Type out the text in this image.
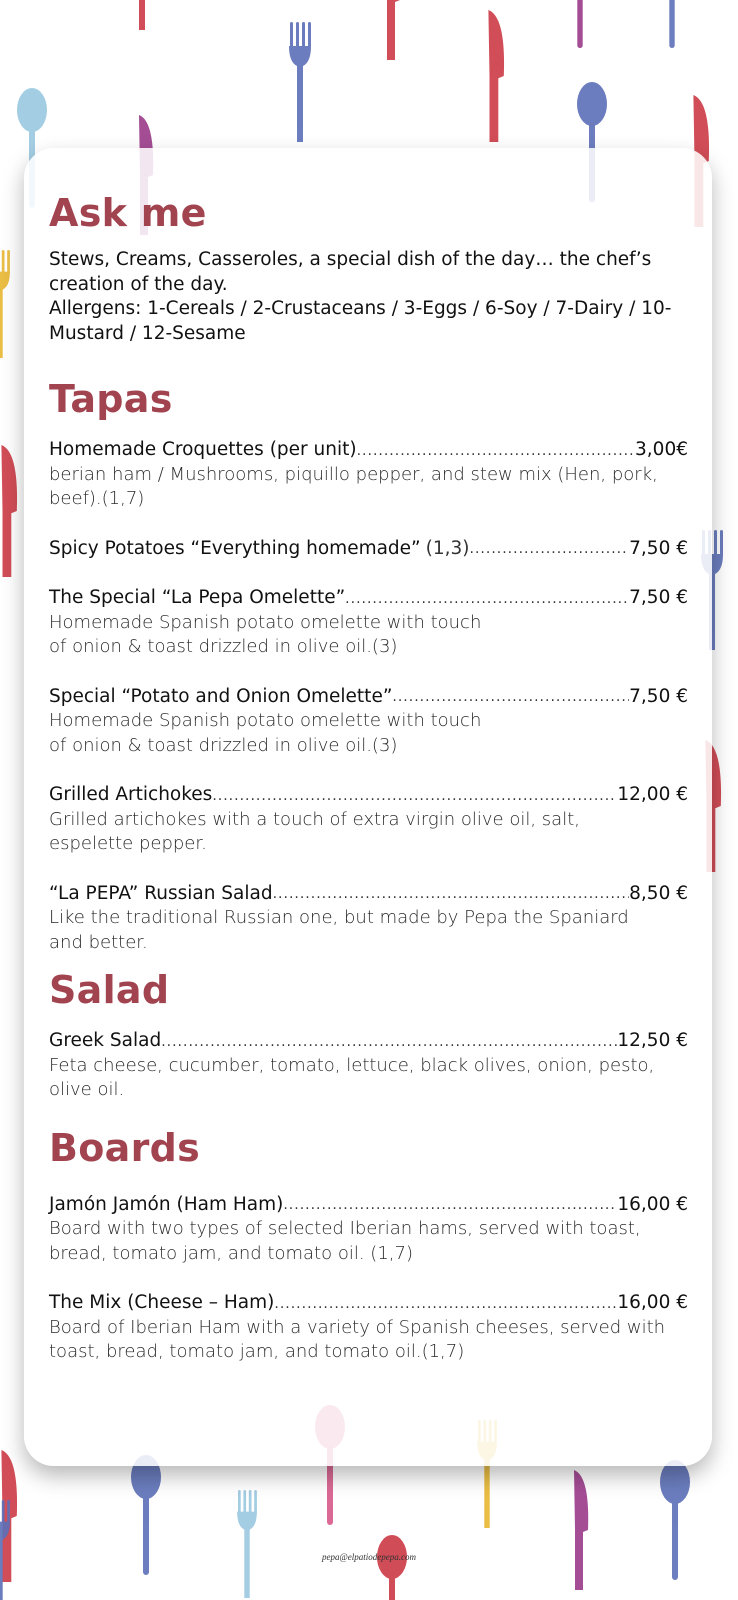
Ask me

Stews, Creams, Casseroles, a special dish of the day… the chef’s creation of the day.

Allergens: 1-Cereals / 2-Crustaceans / 3-Eggs / 6-Soy / 7-Dairy / 10-Mustard / 12-Sesame

Tapas
Homemade Croquettes (per unit) .....	3,00€

berian ham / Mushrooms, piquillo pepper, and stew mix (Hen, pork, beef).(1,7)

Spicy Potatoes “Everything homemade” (1,3) .....	7,50 €
The Special “La Pepa Omelette” .....	7,50 €

Homemade Spanish potato omelette with touch
of onion & toast drizzled in olive oil.(3)

Special “Potato and Onion Omelette” .....	7,50 €

Homemade Spanish potato omelette with touch
of onion & toast drizzled in olive oil.(3)

Grilled Artichokes .....	12,00 €

Grilled artichokes with a touch of extra virgin olive oil, salt,
espelette pepper.

“La PEPA” Russian Salad .....	8,50 €

Like the traditional Russian one, but made by Pepa the Spaniard
and better.

Salad
Greek Salad .....	12,50 €

Feta cheese, cucumber, tomato, lettuce, black olives, onion, pesto,
olive oil.

Boards
Jamón Jamón (Ham Ham) .....	16,00 €

Board with two types of selected Iberian hams, served with toast,
bread, tomato jam, and tomato oil. (1,7)

The Mix (Cheese – Ham) .....	16,00 €

Board of Iberian Ham with a variety of Spanish cheeses, served with
toast, bread, tomato jam, and tomato oil.(1,7)

pepa@elpatiodepepa.com
